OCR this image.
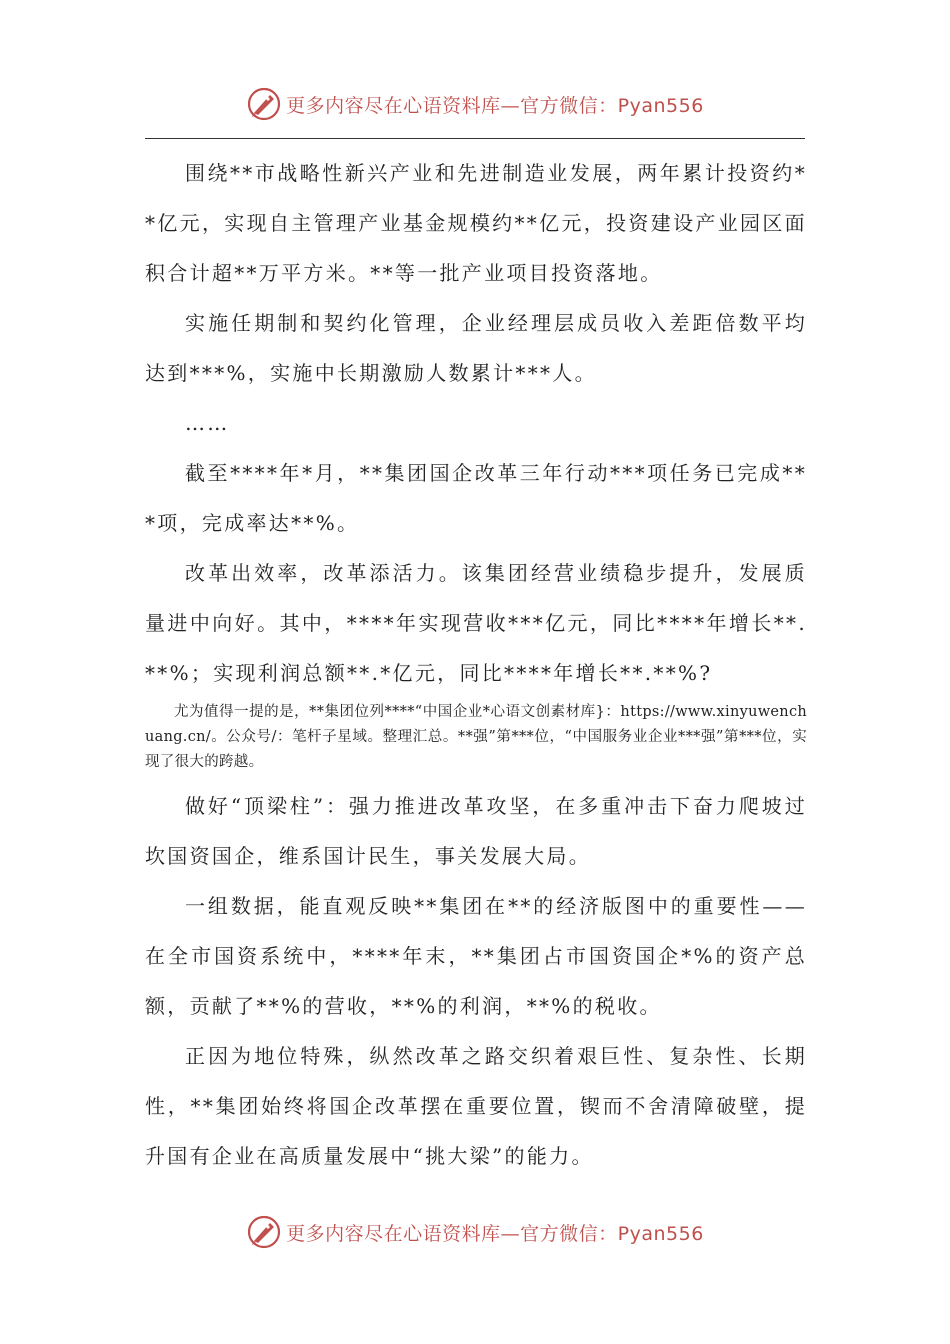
更多内容尽在心语资料库—官方微信：Pyan556

围绕**市战略性新兴产业和先进制造业发展，两年累计投资约**亿元，实现自主管理产业基金规模约**亿元，投资建设产业园区面积合计超**万平方米。**等一批产业项目投资落地。

实施任期制和契约化管理，企业经理层成员收入差距倍数平均达到***%，实施中长期激励人数累计***人。

……

截至****年*月，**集团国企改革三年行动***项任务已完成***项，完成率达**%。

改革出效率，改革添活力。该集团经营业绩稳步提升，发展质量进中向好。其中，****年实现营收***亿元，同比****年增长**.**%；实现利润总额**.*亿元，同比****年增长**.**%?

尤为值得一提的是，**集团位列****“中国企业*心语文创素材库}：https://www.xinyuwenchuang.cn/。公众号/：笔杆子星域。整理汇总。**强”第***位，“中国服务业企业***强”第***位，实现了很大的跨越。

做好“顶梁柱”：强力推进改革攻坚，在多重冲击下奋力爬坡过坎国资国企，维系国计民生，事关发展大局。

一组数据，能直观反映**集团在**的经济版图中的重要性——在全市国资系统中，****年末，**集团占市国资国企*%的资产总额，贡献了**%的营收，**%的利润，**%的税收。

正因为地位特殊，纵然改革之路交织着艰巨性、复杂性、长期性，**集团始终将国企改革摆在重要位置，锲而不舍清障破壁，提升国有企业在高质量发展中“挑大梁”的能力。

更多内容尽在心语资料库—官方微信：Pyan556
